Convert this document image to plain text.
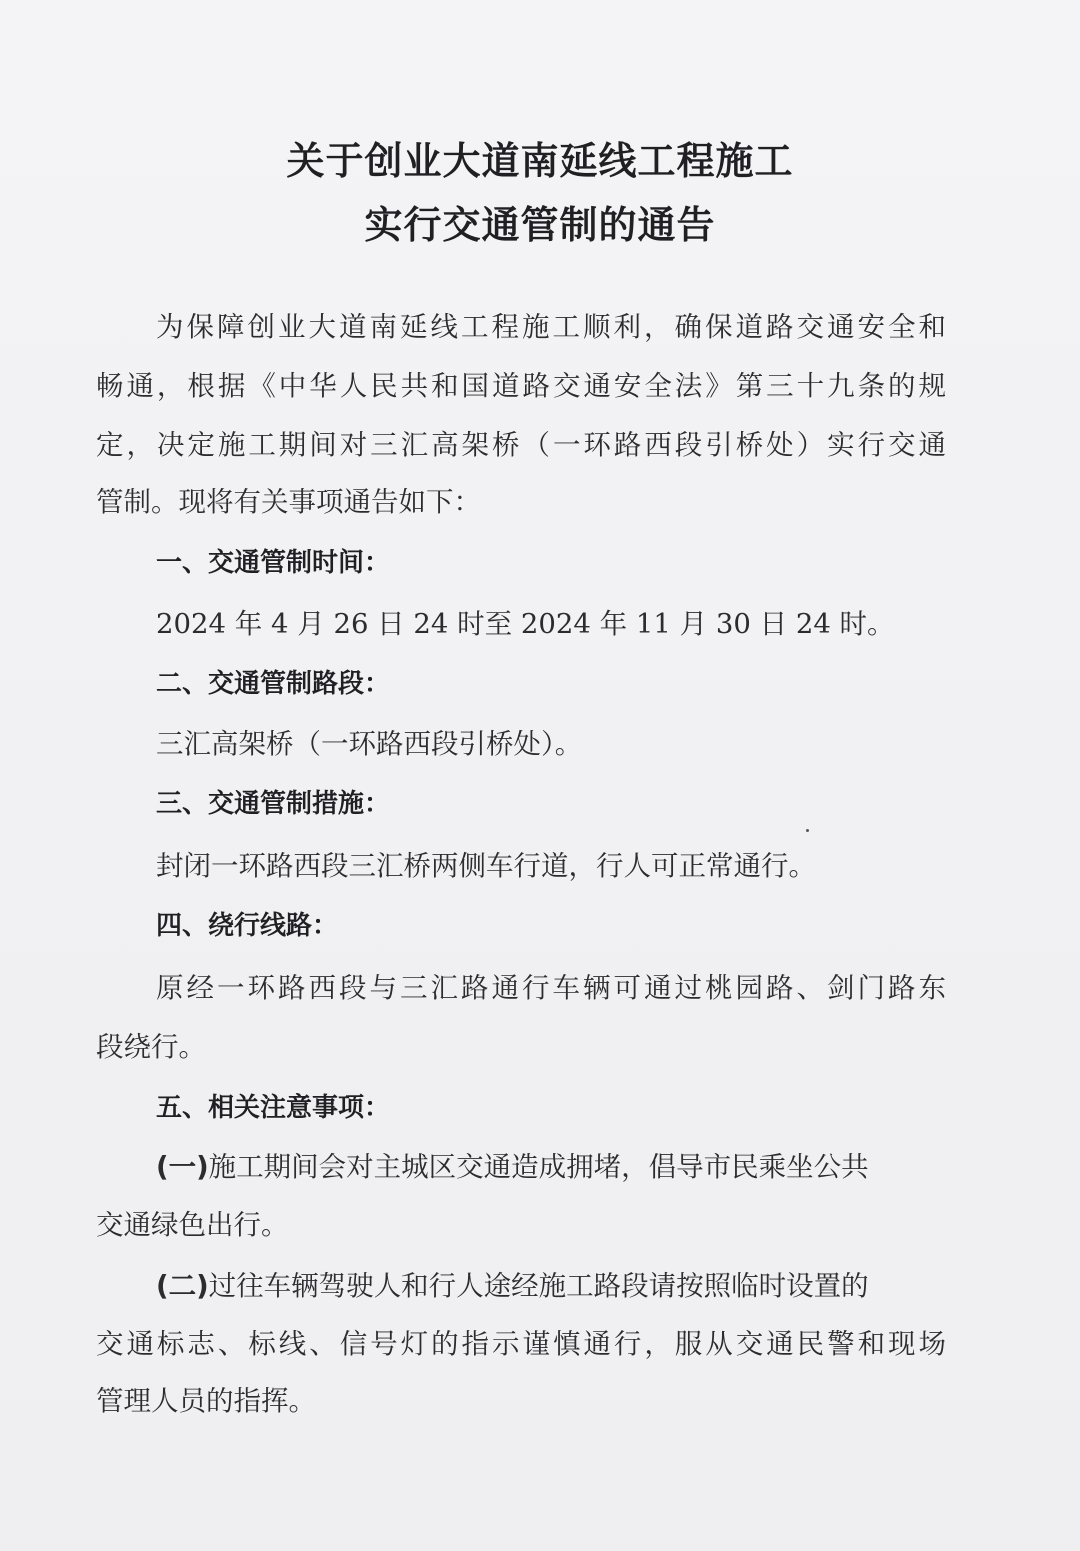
关于创业大道南延线工程施工
实行交通管制的通告
为保障创业大道南延线工程施工顺利，确保道路交通安全和
畅通，根据《中华人民共和国道路交通安全法》第三十九条的规
定，决定施工期间对三汇高架桥（一环路西段引桥处）实行交通
管制。现将有关事项通告如下：
一、交通管制时间：
2024 年 4 月 26 日 24 时至 2024 年 11 月 30 日 24 时。
二、交通管制路段：
三汇高架桥（一环路西段引桥处）。
三、交通管制措施：
封闭一环路西段三汇桥两侧车行道，行人可正常通行。
四、绕行线路：
原经一环路西段与三汇路通行车辆可通过桃园路、剑门路东
段绕行。
五、相关注意事项：
(一)施工期间会对主城区交通造成拥堵，倡导市民乘坐公共
交通绿色出行。
(二)过往车辆驾驶人和行人途经施工路段请按照临时设置的
交通标志、标线、信号灯的指示谨慎通行，服从交通民警和现场
管理人员的指挥。
